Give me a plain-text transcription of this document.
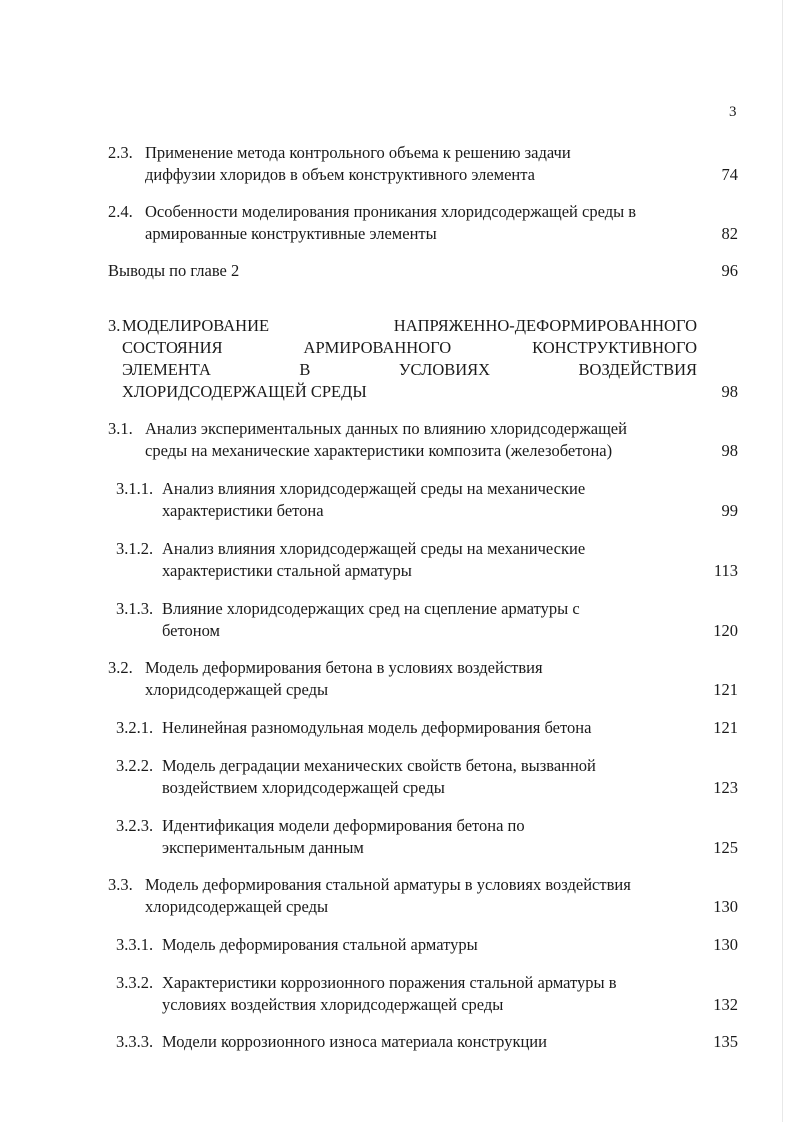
3
2.3. Применение метода контрольного объема к решению задачи
диффузии хлоридов в объем конструктивного элемента	74
2.4. Особенности моделирования проникания хлоридсодержащей среды в
армированные конструктивные элементы	82
Выводы по главе 2	96
3. МОДЕЛИРОВАНИЕ НАПРЯЖЕННО-ДЕФОРМИРОВАННОГО
СОСТОЯНИЯ АРМИРОВАННОГО КОНСТРУКТИВНОГО
ЭЛЕМЕНТА В УСЛОВИЯХ ВОЗДЕЙСТВИЯ
ХЛОРИДСОДЕРЖАЩЕЙ СРЕДЫ	98
3.1. Анализ экспериментальных данных по влиянию хлоридсодержащей
среды на механические характеристики композита (железобетона)	98
3.1.1. Анализ влияния хлоридсодержащей среды на механические
характеристики бетона	99
3.1.2. Анализ влияния хлоридсодержащей среды на механические
характеристики стальной арматуры	113
3.1.3. Влияние хлоридсодержащих сред на сцепление арматуры с
бетоном	120
3.2. Модель деформирования бетона в условиях воздействия
хлоридсодержащей среды	121
3.2.1. Нелинейная разномодульная модель деформирования бетона	121
3.2.2. Модель деградации механических свойств бетона, вызванной
воздействием хлоридсодержащей среды	123
3.2.3. Идентификация модели деформирования бетона по
экспериментальным данным	125
3.3. Модель деформирования стальной арматуры в условиях воздействия
хлоридсодержащей среды	130
3.3.1. Модель деформирования стальной арматуры	130
3.3.2. Характеристики коррозионного поражения стальной арматуры в
условиях воздействия хлоридсодержащей среды	132
3.3.3. Модели коррозионного износа материала конструкции	135
